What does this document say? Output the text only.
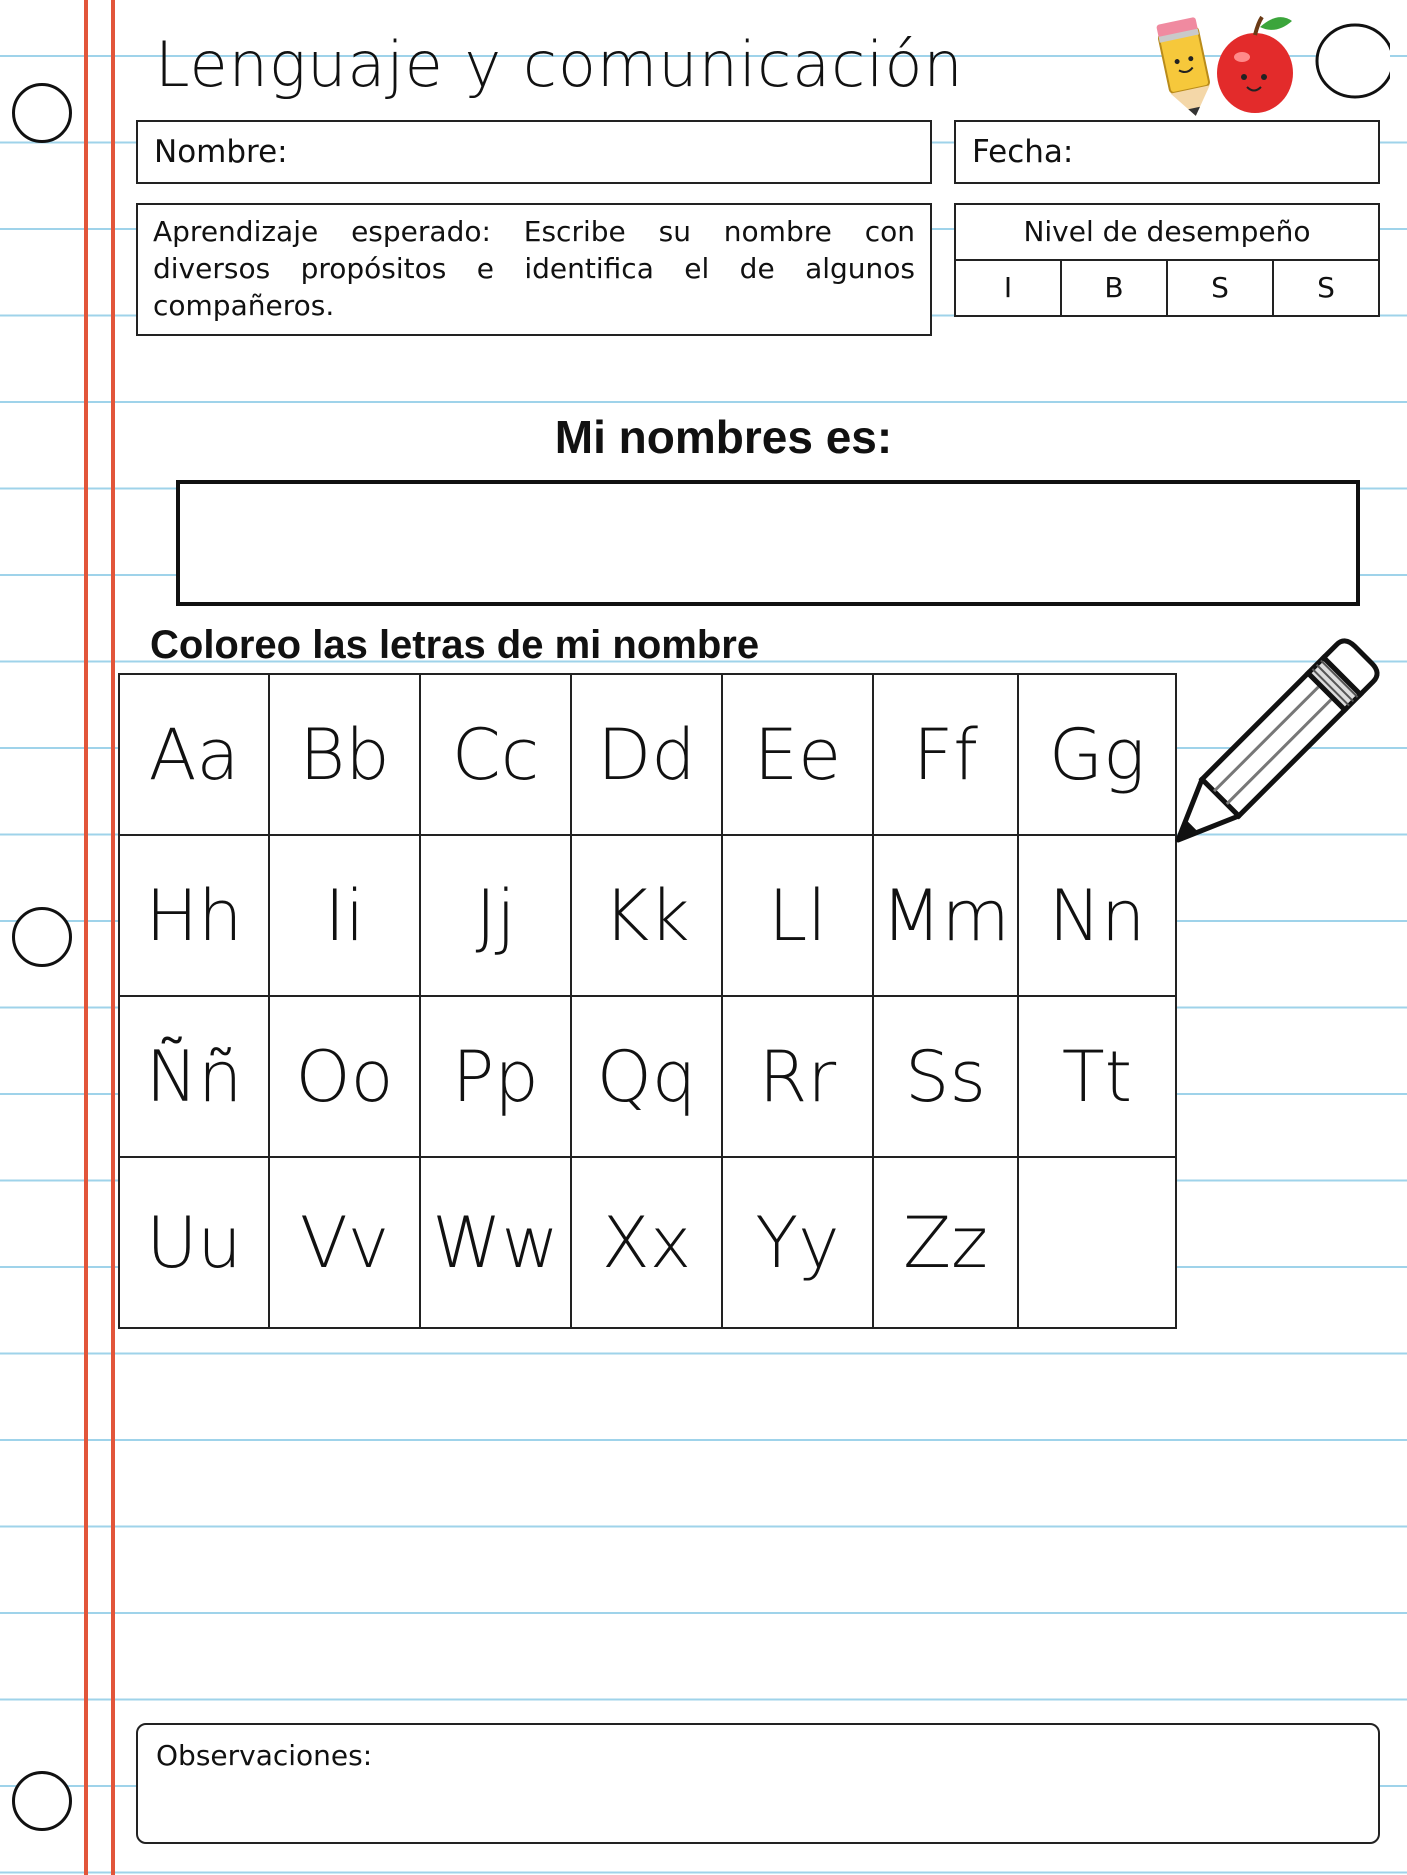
Lenguaje y comunicación
Nombre:	Fecha:
Aprendizaje esperado: Escribe su nombre con diversos propósitos e identifica el de algunos compañeros.
Nivel de desempeño
I	B	S	S
Mi nombres es:
Coloreo las letras de mi nombre
Aa	Bb	Cc	Dd	Ee	Ff	Gg
Hh	Ii	Jj	Kk	Ll	Mm	Nn
Ññ	Oo	Pp	Qq	Rr	Ss	Tt
Uu	Vv	Ww	Xx	Yy	Zz	
Observaciones:
